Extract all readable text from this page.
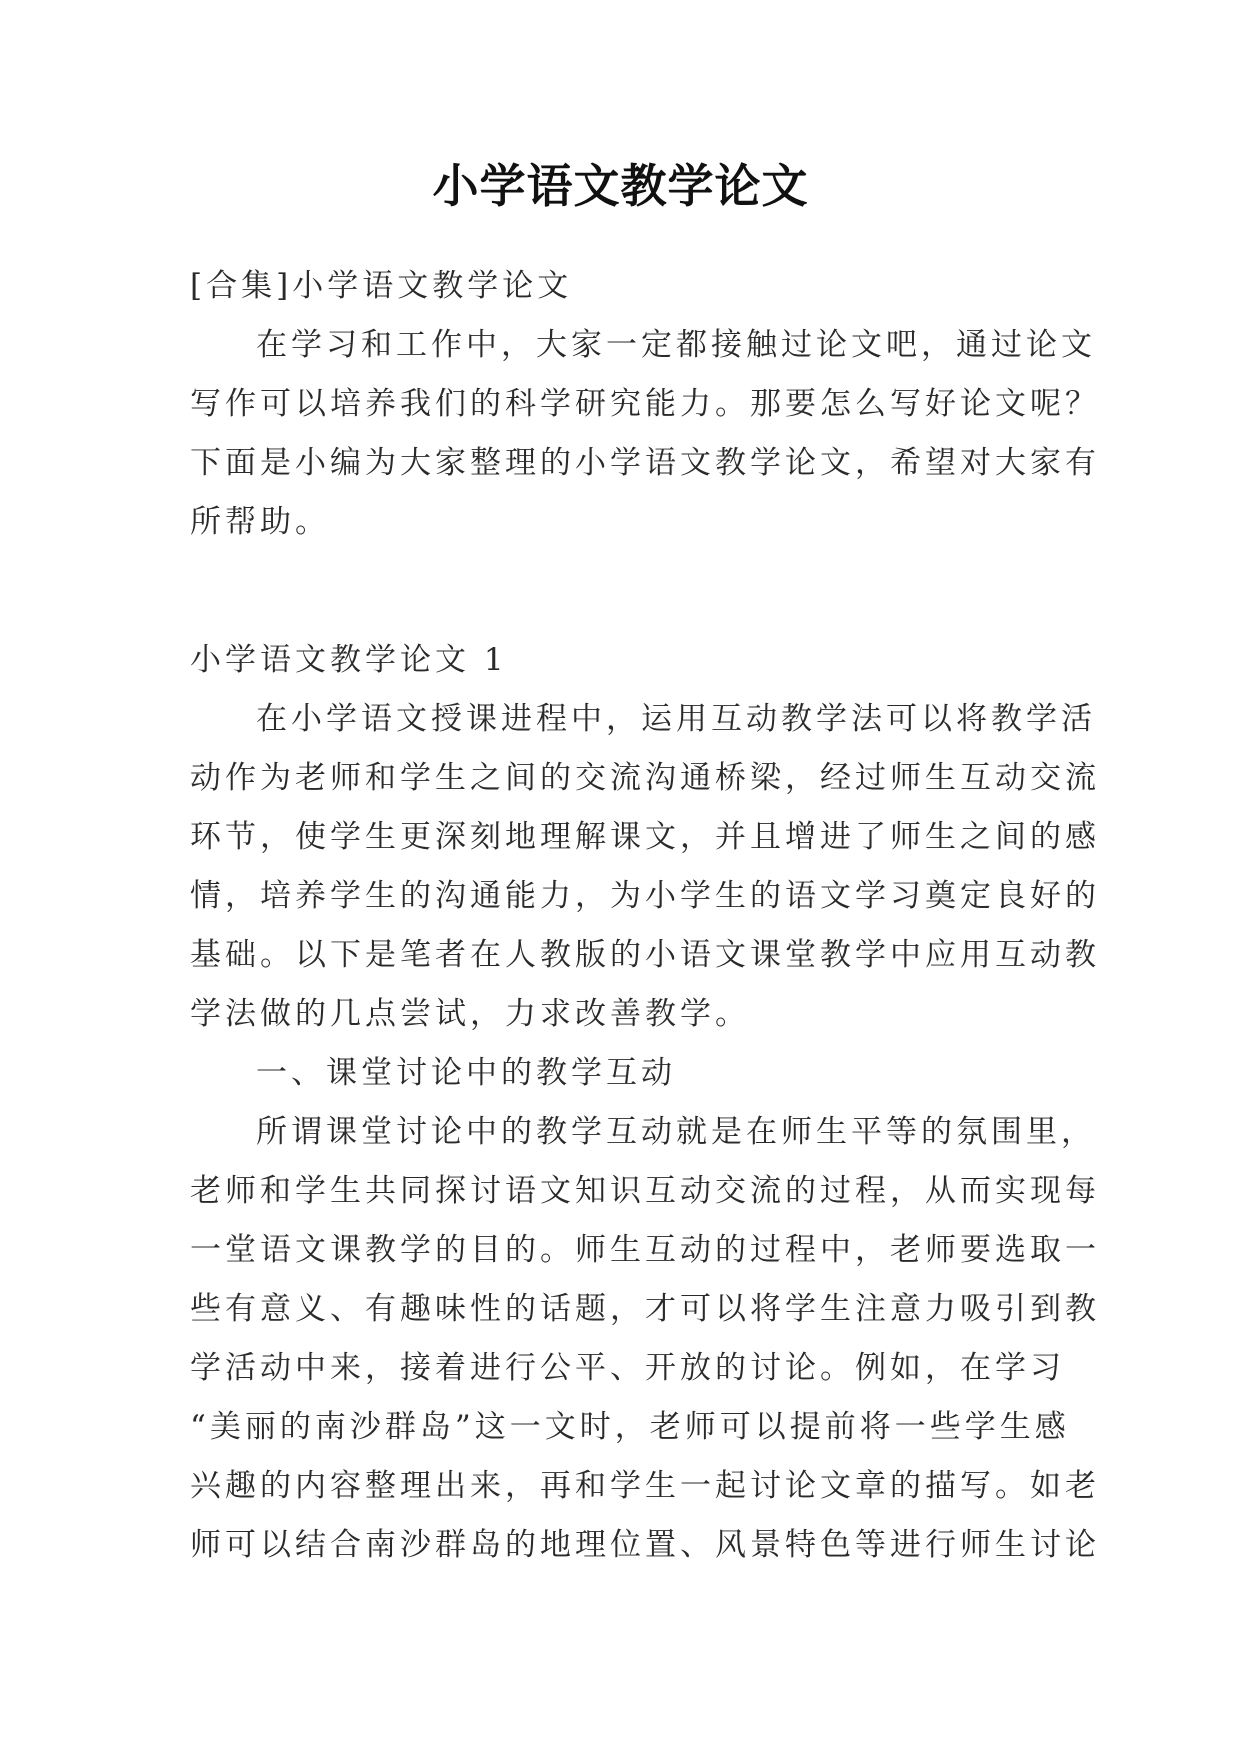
小学语文教学论文
[合集]小学语文教学论文
在学习和工作中，大家一定都接触过论文吧，通过论文
写作可以培养我们的科学研究能力。那要怎么写好论文呢？
下面是小编为大家整理的小学语文教学论文，希望对大家有
所帮助。
小学语文教学论文 1
在小学语文授课进程中，运用互动教学法可以将教学活
动作为老师和学生之间的交流沟通桥梁，经过师生互动交流
环节，使学生更深刻地理解课文，并且增进了师生之间的感
情，培养学生的沟通能力，为小学生的语文学习奠定良好的
基础。以下是笔者在人教版的小语文课堂教学中应用互动教
学法做的几点尝试，力求改善教学。
一、课堂讨论中的教学互动
所谓课堂讨论中的教学互动就是在师生平等的氛围里，
老师和学生共同探讨语文知识互动交流的过程，从而实现每
一堂语文课教学的目的。师生互动的过程中，老师要选取一
些有意义、有趣味性的话题，才可以将学生注意力吸引到教
学活动中来，接着进行公平、开放的讨论。例如，在学习
“美丽的南沙群岛”这一文时，老师可以提前将一些学生感
兴趣的内容整理出来，再和学生一起讨论文章的描写。如老
师可以结合南沙群岛的地理位置、风景特色等进行师生讨论
